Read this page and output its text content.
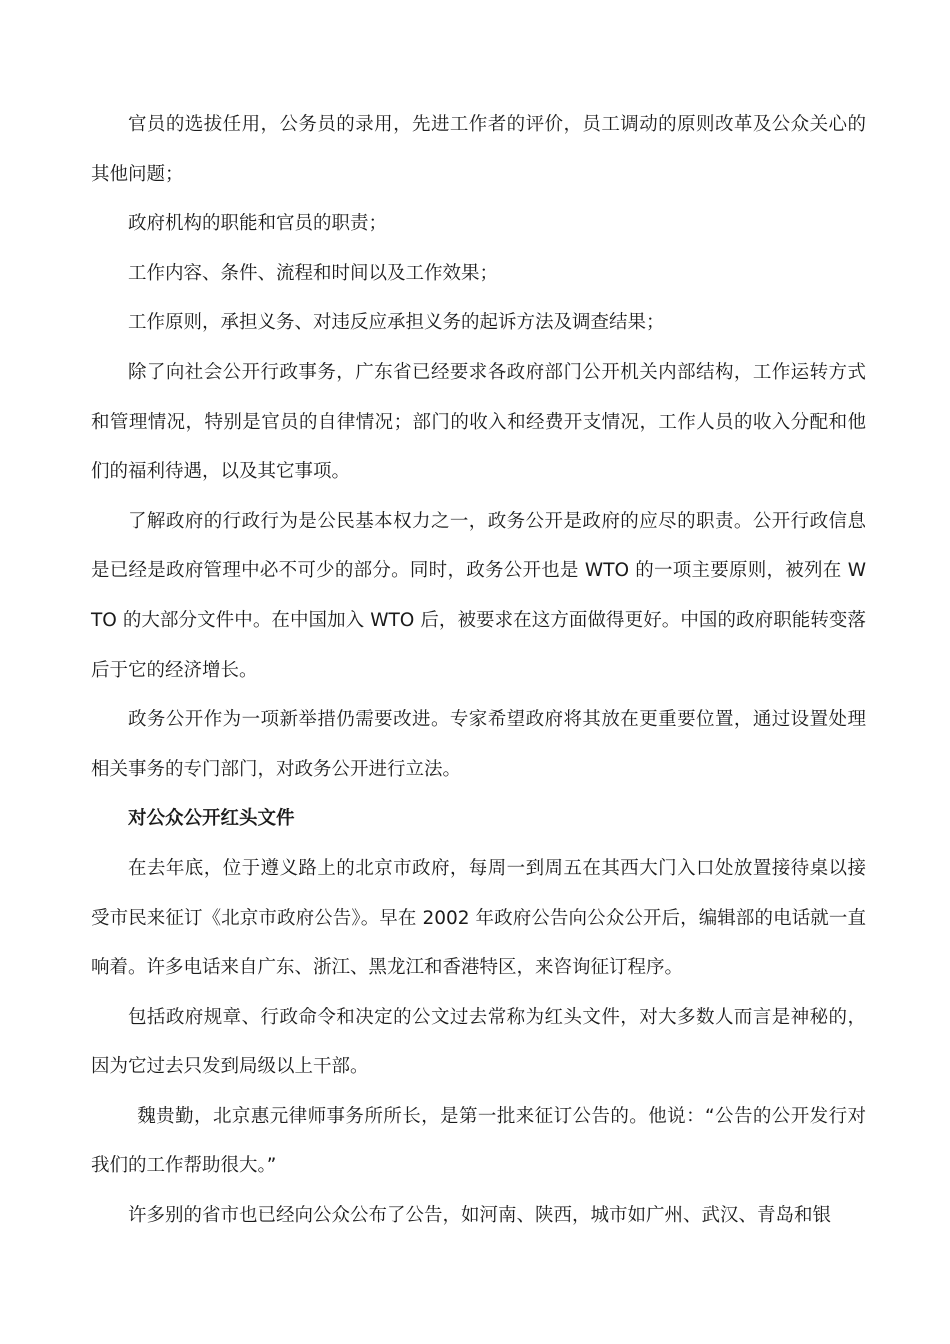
官员的选拔任用，公务员的录用，先进工作者的评价，员工调动的原则改革及公众关心的其他问题；

政府机构的职能和官员的职责；

工作内容、条件、流程和时间以及工作效果；

工作原则，承担义务、对违反应承担义务的起诉方法及调查结果；

除了向社会公开行政事务，广东省已经要求各政府部门公开机关内部结构，工作运转方式和管理情况，特别是官员的自律情况；部门的收入和经费开支情况，工作人员的收入分配和他们的福利待遇，以及其它事项。

了解政府的行政行为是公民基本权力之一，政务公开是政府的应尽的职责。公开行政信息是已经是政府管理中必不可少的部分。同时，政务公开也是 WTO 的一项主要原则，被列在 WTO 的大部分文件中。在中国加入 WTO 后，被要求在这方面做得更好。中国的政府职能转变落后于它的经济增长。

政务公开作为一项新举措仍需要改进。专家希望政府将其放在更重要位置，通过设置处理相关事务的专门部门，对政务公开进行立法。

对公众公开红头文件

在去年底，位于遵义路上的北京市政府，每周一到周五在其西大门入口处放置接待桌以接受市民来征订《北京市政府公告》。早在 2002 年政府公告向公众公开后，编辑部的电话就一直响着。许多电话来自广东、浙江、黑龙江和香港特区，来咨询征订程序。

包括政府规章、行政命令和决定的公文过去常称为红头文件，对大多数人而言是神秘的，因为它过去只发到局级以上干部。

魏贵勤，北京惠元律师事务所所长，是第一批来征订公告的。他说：“公告的公开发行对我们的工作帮助很大。”

许多别的省市也已经向公众公布了公告，如河南、陕西，城市如广州、武汉、青岛和银
